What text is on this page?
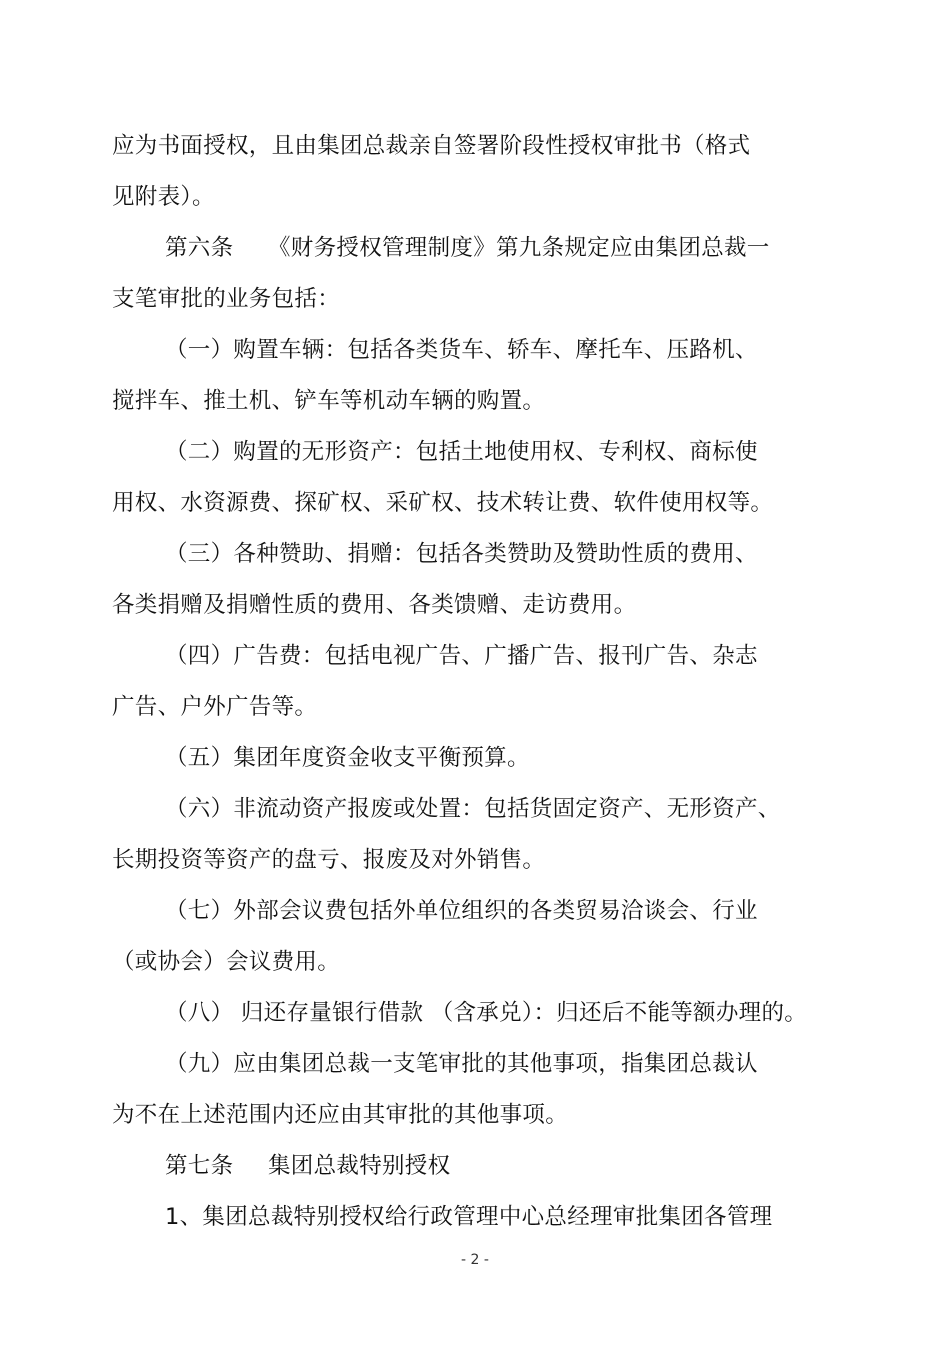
应为书面授权，且由集团总裁亲自签署阶段性授权审批书（格式

见附表）。

第六条 《财务授权管理制度》第九条规定应由集团总裁一

支笔审批的业务包括：

（一）购置车辆：包括各类货车、轿车、摩托车、压路机、

搅拌车、推土机、铲车等机动车辆的购置。

（二）购置的无形资产：包括土地使用权、专利权、商标使

用权、水资源费、探矿权、采矿权、技术转让费、软件使用权等。

（三）各种赞助、捐赠：包括各类赞助及赞助性质的费用、

各类捐赠及捐赠性质的费用、各类馈赠、走访费用。

（四）广告费：包括电视广告、广播广告、报刊广告、杂志

广告、户外广告等。

（五）集团年度资金收支平衡预算。

（六）非流动资产报废或处置：包括货固定资产、无形资产、

长期投资等资产的盘亏、报废及对外销售。

（七）外部会议费包括外单位组织的各类贸易洽谈会、行业

（或协会）会议费用。

（八） 归还存量银行借款 （含承兑）：归还后不能等额办理的。

（九）应由集团总裁一支笔审批的其他事项，指集团总裁认

为不在上述范围内还应由其审批的其他事项。

第七条 集团总裁特别授权

1、集团总裁特别授权给行政管理中心总经理审批集团各管理

- 2 -
